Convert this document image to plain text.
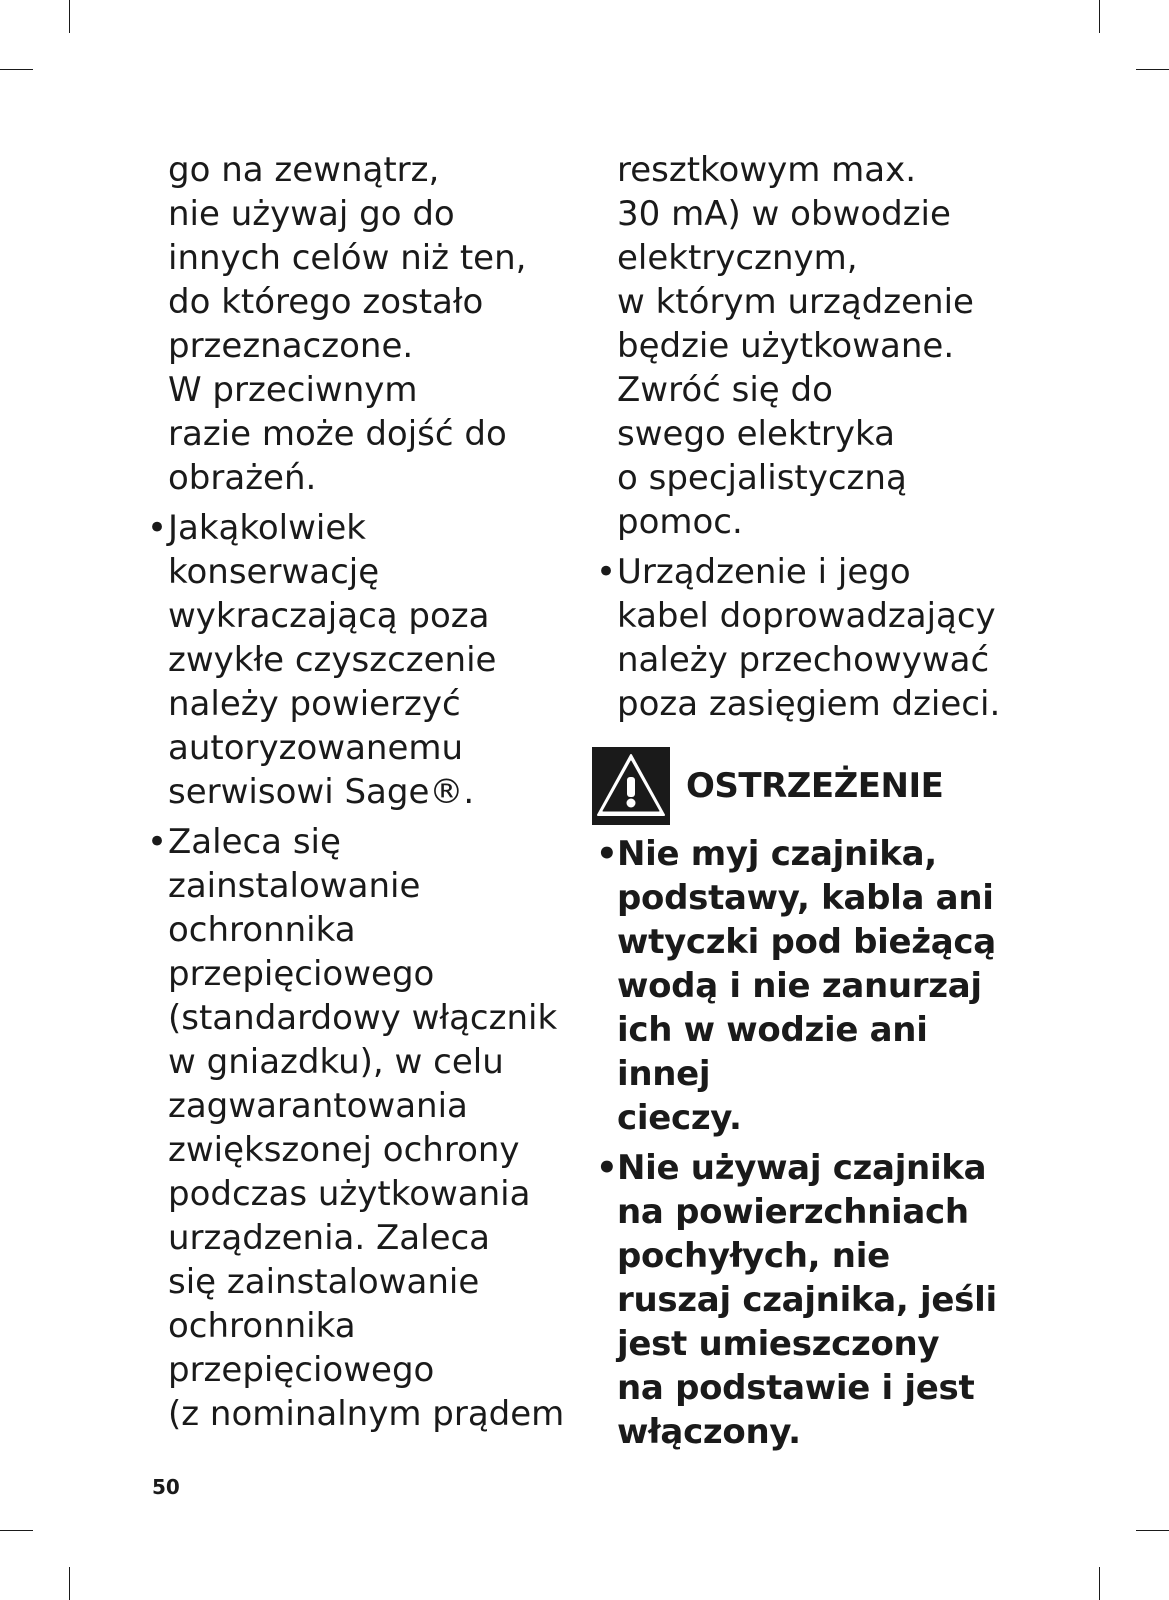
go na zewnątrz,
nie używaj go do
innych celów niż ten,
do którego zostało
przeznaczone.
W przeciwnym
razie może dojść do
obrażeń.

• Jakąkolwiek
konserwację
wykraczającą poza
zwykłe czyszczenie
należy powierzyć
autoryzowanemu
serwisowi Sage®.

• Zaleca się
zainstalowanie
ochronnika
przepięciowego
(standardowy włącznik
w gniazdku), w celu
zagwarantowania
zwiększonej ochrony
podczas użytkowania
urządzenia. Zaleca
się zainstalowanie
ochronnika
przepięciowego
(z nominalnym prądem

resztkowym max.
30 mA) w obwodzie
elektrycznym,
w którym urządzenie
będzie użytkowane.
Zwróć się do
swego elektryka
o specjalistyczną
pomoc.

• Urządzenie i jego
kabel doprowadzający
należy przechowywać
poza zasięgiem dzieci.

OSTRZEŻENIE

• Nie myj czajnika,
podstawy, kabla ani
wtyczki pod bieżącą
wodą i nie zanurzaj
ich w wodzie ani innej
cieczy.

• Nie używaj czajnika
na powierzchniach
pochyłych, nie
ruszaj czajnika, jeśli
jest umieszczony
na podstawie i jest
włączony.

50
